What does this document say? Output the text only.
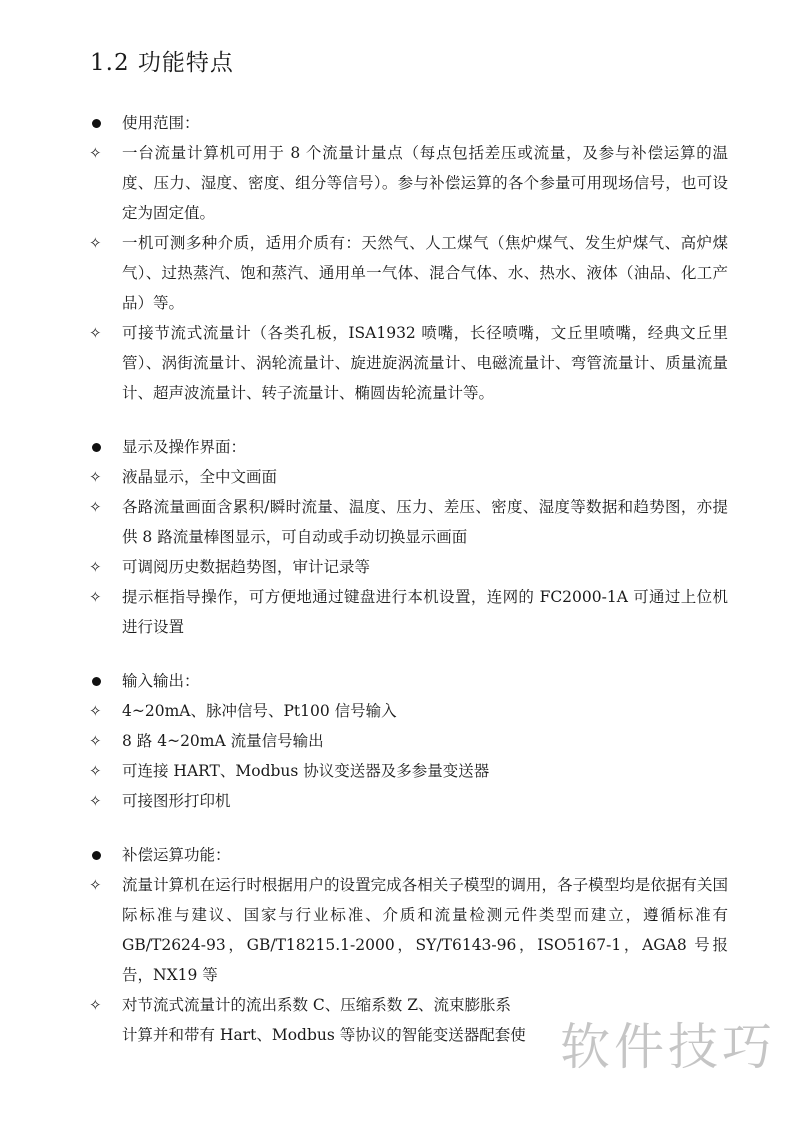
1.2 功能特点
使用范围：
✧ 一台流量计算机可用于 8 个流量计量点（每点包括差压或流量，及参与补偿运算的温度、压力、湿度、密度、组分等信号）。参与补偿运算的各个参量可用现场信号，也可设定为固定值。
✧ 一机可测多种介质，适用介质有：天然气、人工煤气（焦炉煤气、发生炉煤气、高炉煤气）、过热蒸汽、饱和蒸汽、通用单一气体、混合气体、水、热水、液体（油品、化工产品）等。
✧ 可接节流式流量计（各类孔板，ISA1932 喷嘴，长径喷嘴，文丘里喷嘴，经典文丘里管）、涡街流量计、涡轮流量计、旋进旋涡流量计、电磁流量计、弯管流量计、质量流量计、超声波流量计、转子流量计、椭圆齿轮流量计等。
显示及操作界面：
✧ 液晶显示，全中文画面
✧ 各路流量画面含累积/瞬时流量、温度、压力、差压、密度、湿度等数据和趋势图，亦提供 8 路流量棒图显示，可自动或手动切换显示画面
✧ 可调阅历史数据趋势图，审计记录等
✧ 提示框指导操作，可方便地通过键盘进行本机设置，连网的 FC2000-1A 可通过上位机进行设置
输入输出：
✧ 4~20mA、脉冲信号、Pt100 信号输入
✧ 8 路 4~20mA 流量信号输出
✧ 可连接 HART、Modbus 协议变送器及多参量变送器
✧ 可接图形打印机
补偿运算功能：
✧ 流量计算机在运行时根据用户的设置完成各相关子模型的调用，各子模型均是依据有关国际标准与建议、国家与行业标准、介质和流量检测元件类型而建立，遵循标准有 GB/T2624-93，GB/T18215.1-2000，SY/T6143-96，ISO5167-1，AGA8 号报告，NX19 等
✧ 对节流式流量计的流出系数 C、压缩系数 Z、流束膨胀系
计算并和带有 Hart、Modbus 等协议的智能变送器配套使 软件技巧
